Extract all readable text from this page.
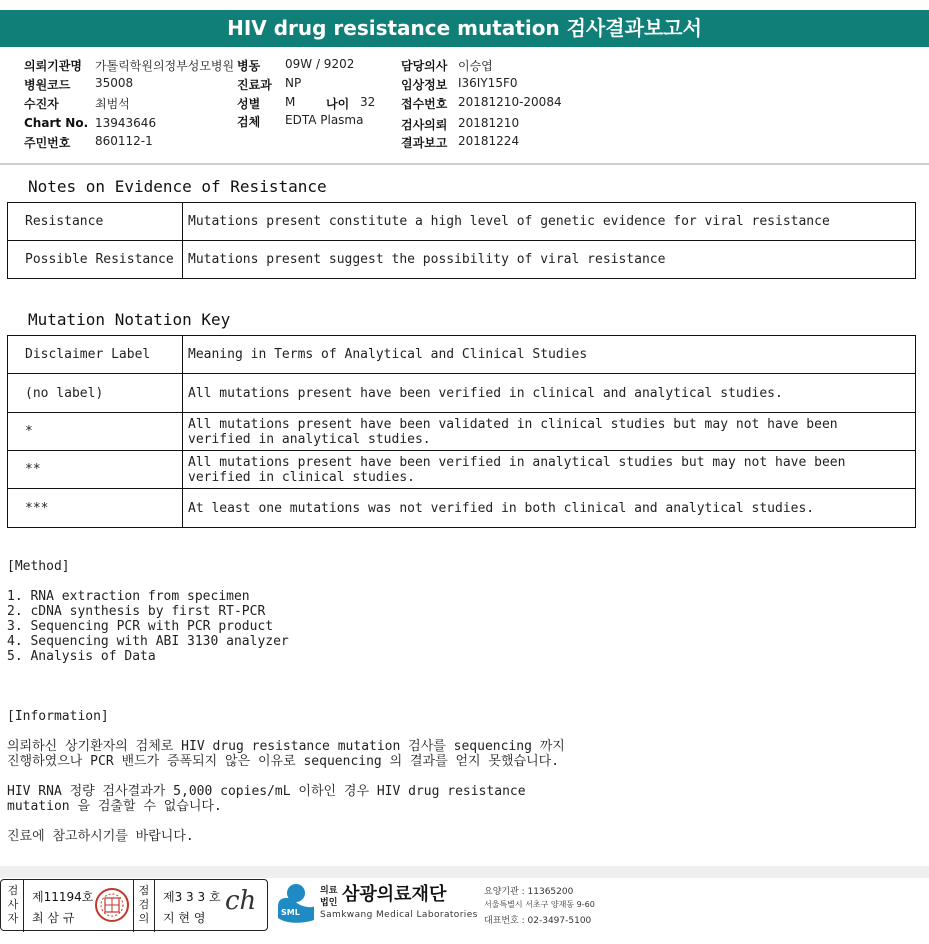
HIV drug resistance mutation 검사결과보고서
의뢰기관명 가톨릭학원의정부성모병원 병동 09W / 9202	담당의사 이승엽
병원코드 35008	진료과 NP	임상정보 I36IY15F0
수진자	최범석	성별 M	나이 32 접수번호 20181210-20084
Chart No. 13943646	검체 EDTA Plasma	검사의뢰 20181210
주민번호 860112-1	결과보고 20181224
Notes on Evidence of Resistance
Resistance	Mutations present constitute a high level of genetic evidence for viral resistance
Possible Resistance	Mutations present suggest the possibility of viral resistance
Mutation Notation Key
Disclaimer Label	Meaning in Terms of Analytical and Clinical Studies
(no label)	All mutations present have been verified in clinical and analytical studies.
*	All mutations present have been validated in clinical studies but may not have been verified in analytical studies.
**	All mutations present have been verified in analytical studies but may not have been verified in clinical studies.
***	At least one mutations was not verified in both clinical and analytical studies.
[Method]
1. RNA extraction from specimen
2. cDNA synthesis by first RT-PCR
3. Sequencing PCR with PCR product
4. Sequencing with ABI 3130 analyzer
5. Analysis of Data
[Information]
의뢰하신 상기환자의 검체로 HIV drug resistance mutation 검사를 sequencing 까지
진행하였으나 PCR 밴드가 증폭되지 않은 이유로 sequencing 의 결과를 얻지 못했습니다.
HIV RNA 정량 검사결과가 5,000 copies/mL 이하인 경우 HIV drug resistance
mutation 을 검출할 수 없습니다.
진료에 참고하시기를 바랍니다.
검사자
제11194호
최 삼 규
점검의
제3 3 3 호
지 현 영
ch	SML
의료
법인 삼광의료재단
Samkwang Medical Laboratories
요양기관 : 11365200
서울특별시 서초구 양재동 9-60
대표번호 : 02-3497-5100
